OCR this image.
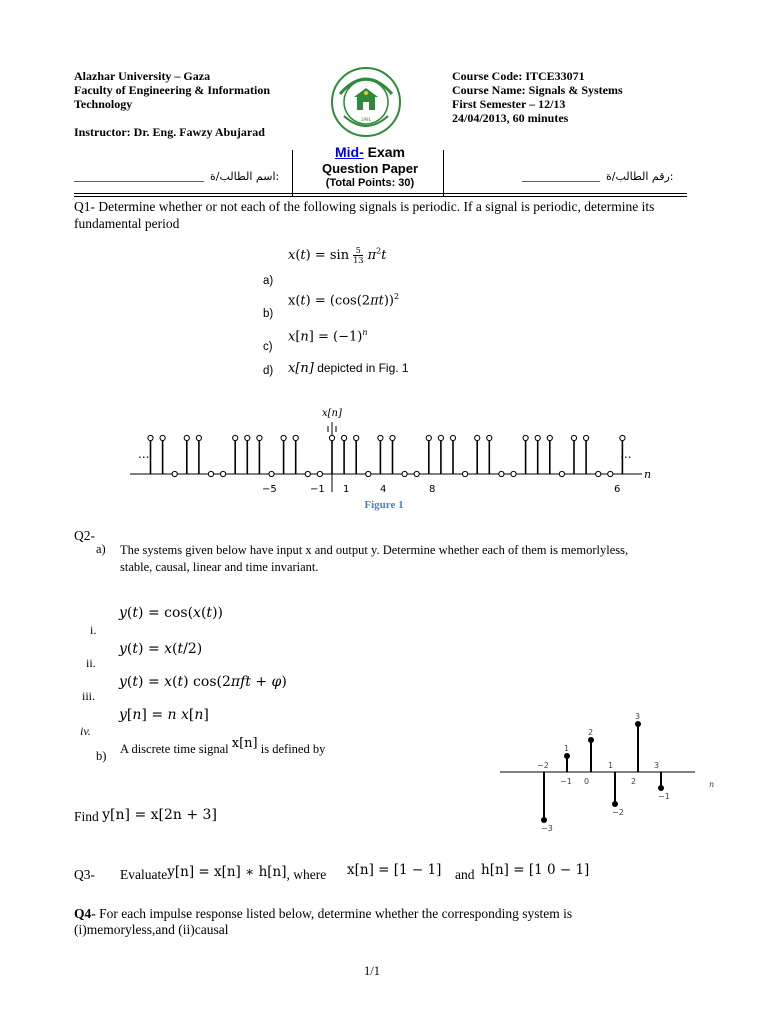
Alazhar University – Gaza
Faculty of Engineering & Information
Technology
Instructor: Dr. Eng. Fawzy Abujarad
1991
Course Code: ITCE33071
Course Name: Signals & Systems
First Semester – 12/13
24/04/2013, 60 minutes
Mid- Exam
Question Paper
(Total Points: 30)
____________________ :اسم الطالب/ة	____________ :رقم الطالب/ة
Q1- Determine whether or not each of the following signals is periodic. If a signal is periodic, determine its fundamental period
$x(t) = \sin \frac{5}{13} \pi^2t$
a)
$x(t) = (\cos(2\pi t))^2$
b)
$x[n] = (-1)^n$
c)
d) x[n] depicted in Fig. 1
x[n]
...	...
n
−5	−1 1	4	8	6
Figure 1
Q2-
a) The systems given below have input x and output y. Determine whether each of them is memorlyless, stable, causal, linear and time invariant.
y(t) = cos(x(t))
i.
y(t) = x(t/2)
ii.
y(t) = x(t) cos(2πft + φ)
iii.
y[n] = n x[n]
iv.
b) A discrete time signal x[n] is defined by
−3
−2
1
−1
2
0
−2
1
3
2
−1
3
n
Find y[n] = x[2n + 3]
Q3- Evaluatey[n] = x[n] ∗ h[n], where x[n] = [1 − 1] and h[n] = [1 0 − 1]
Q4- For each impulse response listed below, determine whether the corresponding system is
(i)memoryless,and (ii)causal
1/1
